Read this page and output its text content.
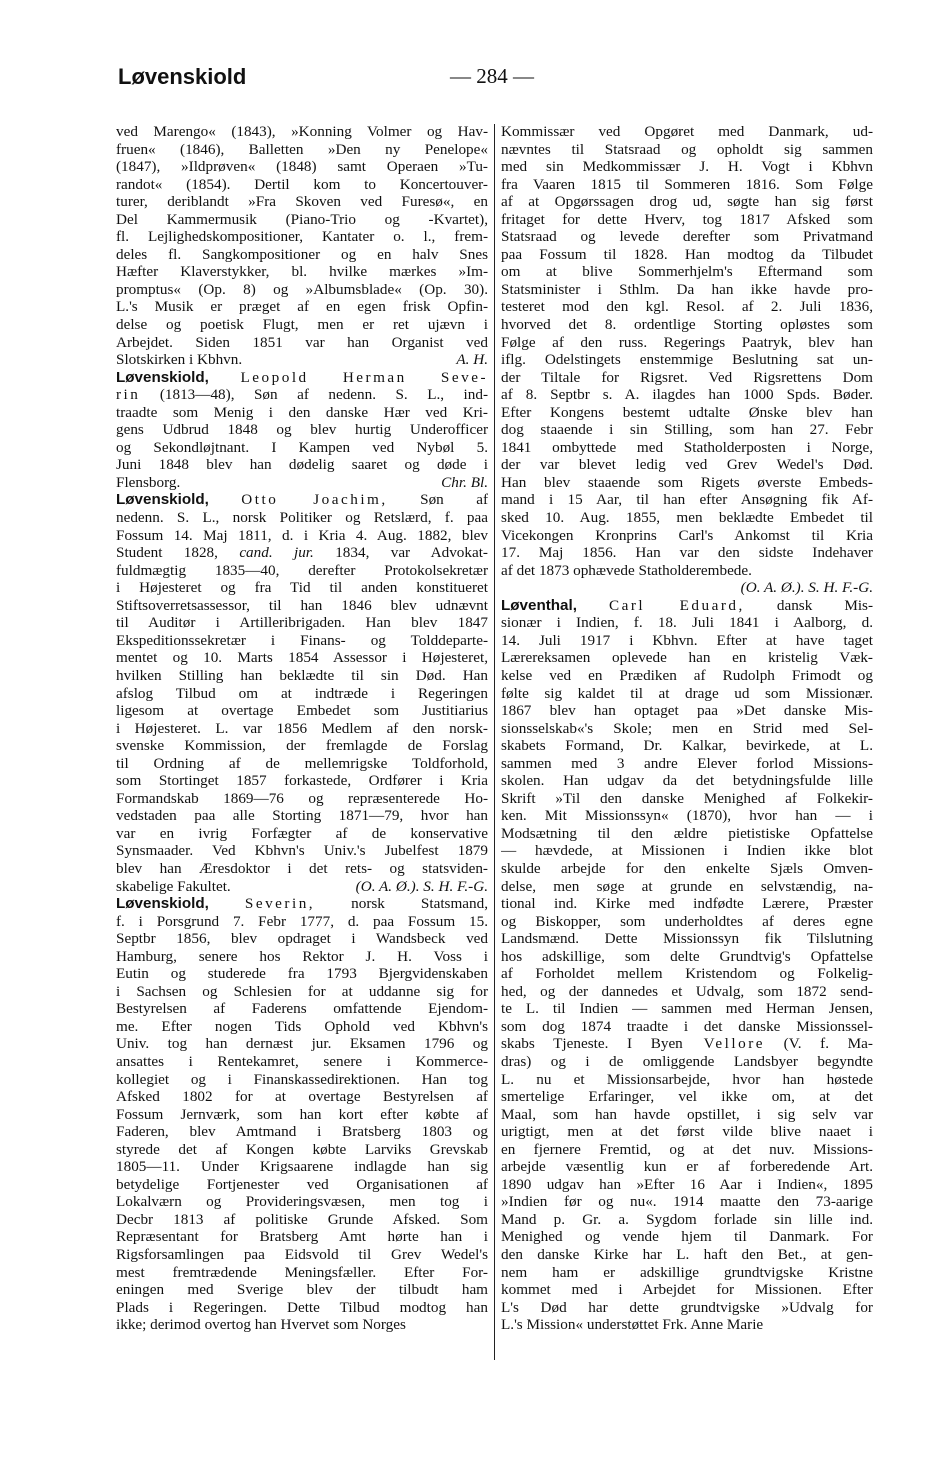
Løvenskiold	— 284 —
ved Marengo« (1843), »Konning Volmer og Hav-
fruen« (1846), Balletten »Den ny Penelope«
(1847), »Ildprøven« (1848) samt Operaen »Tu-
randot« (1854). Dertil kom to Koncertouver-
turer, deriblandt »Fra Skoven ved Furesø«, en
Del Kammermusik (Piano-Trio og -Kvartet),
fl. Lejlighedskompositioner, Kantater o. l., frem-
deles fl. Sangkompositioner og en halv Snes
Hæfter Klaverstykker, bl. hvilke mærkes »Im-
promptus« (Op. 8) og »Albumsblade« (Op. 30).
L.'s Musik er præget af en egen frisk Opfin-
delse og poetisk Flugt, men er ret ujævn i
Arbejdet. Siden 1851 var han Organist ved
Slotskirken i Kbhvn.	A. H.
Løvenskiold, Leopold Herman Seve-
rin (1813—48), Søn af nedenn. S. L., ind-
traadte som Menig i den danske Hær ved Kri-
gens Udbrud 1848 og blev hurtig Underofficer
og Sekondløjtnant. I Kampen ved Nybøl 5.
Juni 1848 blev han dødelig saaret og døde i
Flensborg.	Chr. Bl.
Løvenskiold, Otto Joachim, Søn af
nedenn. S. L., norsk Politiker og Retslærd, f. paa
Fossum 14. Maj 1811, d. i Kria 4. Aug. 1882, blev
Student 1828, cand. jur. 1834, var Advokat-
fuldmægtig 1835—40, derefter Protokolsekretær
i Højesteret og fra Tid til anden konstitueret
Stiftsoverretsassessor, til han 1846 blev udnævnt
til Auditør i Artilleribrigaden. Han blev 1847
Ekspeditionssekretær i Finans- og Tolddeparte-
mentet og 10. Marts 1854 Assessor i Højesteret,
hvilken Stilling han beklædte til sin Død. Han
afslog Tilbud om at indtræde i Regeringen
ligesom at overtage Embedet som Justitiarius
i Højesteret. L. var 1856 Medlem af den norsk-
svenske Kommission, der fremlagde de Forslag
til Ordning af de mellemrigske Toldforhold,
som Stortinget 1857 forkastede, Ordfører i Kria
Formandskab 1869—76 og repræsenterede Ho-
vedstaden paa alle Storting 1871—79, hvor han
var en ivrig Forfægter af de konservative
Synsmaader. Ved Kbhvn's Univ.'s Jubelfest 1879
blev han Æresdoktor i det rets- og statsviden-
skabelige Fakultet.	(O. A. Ø.). S. H. F.-G.
Løvenskiold, Severin, norsk Statsmand,
f. i Porsgrund 7. Febr 1777, d. paa Fossum 15.
Septbr 1856, blev opdraget i Wandsbeck ved
Hamburg, senere hos Rektor J. H. Voss i
Eutin og studerede fra 1793 Bjergvidenskaben
i Sachsen og Schlesien for at uddanne sig for
Bestyrelsen af Faderens omfattende Ejendom-
me. Efter nogen Tids Ophold ved Kbhvn's
Univ. tog han dernæst jur. Eksamen 1796 og
ansattes i Rentekamret, senere i Kommerce-
kollegiet og i Finanskassedirektionen. Han tog
Afsked 1802 for at overtage Bestyrelsen af
Fossum Jernværk, som han kort efter købte af
Faderen, blev Amtmand i Bratsberg 1803 og
styrede det af Kongen købte Larviks Grevskab
1805—11. Under Krigsaarene indlagde han sig
betydelige Fortjenester ved Organisationen af
Lokalværn og Provideringsvæsen, men tog i
Decbr 1813 af politiske Grunde Afsked. Som
Repræsentant for Bratsberg Amt hørte han i
Rigsforsamlingen paa Eidsvold til Grev Wedel's
mest fremtrædende Meningsfæller. Efter For-
eningen med Sverige blev der tilbudt ham
Plads i Regeringen. Dette Tilbud modtog han
ikke; derimod overtog han Hvervet som Norges
Kommissær ved Opgøret med Danmark, ud-
nævntes til Statsraad og opholdt sig sammen
med sin Medkommissær J. H. Vogt i Kbhvn
fra Vaaren 1815 til Sommeren 1816. Som Følge
af at Opgørssagen drog ud, søgte han sig først
fritaget for dette Hverv, tog 1817 Afsked som
Statsraad og levede derefter som Privatmand
paa Fossum til 1828. Han modtog da Tilbudet
om at blive Sommerhjelm's Eftermand som
Statsminister i Sthlm. Da han ikke havde pro-
testeret mod den kgl. Resol. af 2. Juli 1836,
hvorved det 8. ordentlige Storting opløstes som
Følge af den russ. Regerings Paatryk, blev han
iflg. Odelstingets enstemmige Beslutning sat un-
der Tiltale for Rigsret. Ved Rigsrettens Dom
af 8. Septbr s. A. ilagdes han 1000 Spds. Bøder.
Efter Kongens bestemt udtalte Ønske blev han
dog staaende i sin Stilling, som han 27. Febr
1841 ombyttede med Statholderposten i Norge,
der var blevet ledig ved Grev Wedel's Død.
Han blev staaende som Rigets øverste Embeds-
mand i 15 Aar, til han efter Ansøgning fik Af-
sked 10. Aug. 1855, men beklædte Embedet til
Vicekongen Kronprins Carl's Ankomst til Kria
17. Maj 1856. Han var den sidste Indehaver
af det 1873 ophævede Statholderembede.
(O. A. Ø.). S. H. F.-G.
Løventhal, Carl Eduard, dansk Mis-
sionær i Indien, f. 18. Juli 1841 i Aalborg, d.
14. Juli 1917 i Kbhvn. Efter at have taget
Lærereksamen oplevede han en kristelig Væk-
kelse ved en Prædiken af Rudolph Frimodt og
følte sig kaldet til at drage ud som Missionær.
1867 blev han optaget paa »Det danske Mis-
sionsselskab«'s Skole; men en Strid med Sel-
skabets Formand, Dr. Kalkar, bevirkede, at L.
sammen med 3 andre Elever forlod Missions-
skolen. Han udgav da det betydningsfulde lille
Skrift »Til den danske Menighed af Folkekir-
ken. Mit Missionssyn« (1870), hvor han — i
Modsætning til den ældre pietistiske Opfattelse
— hævdede, at Missionen i Indien ikke blot
skulde arbejde for den enkelte Sjæls Omven-
delse, men søge at grunde en selvstændig, na-
tional ind. Kirke med indfødte Lærere, Præster
og Biskopper, som underholdtes af deres egne
Landsmænd. Dette Missionssyn fik Tilslutning
hos adskillige, som delte Grundtvig's Opfattelse
af Forholdet mellem Kristendom og Folkelig-
hed, og der dannedes et Udvalg, som 1872 send-
te L. til Indien — sammen med Herman Jensen,
som dog 1874 traadte i det danske Missionssel-
skabs Tjeneste. I Byen Vellore (V. f. Ma-
dras) og i de omliggende Landsbyer begyndte
L. nu et Missionsarbejde, hvor han høstede
smertelige Erfaringer, vel ikke om, at det
Maal, som han havde opstillet, i sig selv var
urigtigt, men at det først vilde blive naaet i
en fjernere Fremtid, og at det nuv. Missions-
arbejde væsentlig kun er af forberedende Art.
1890 udgav han »Efter 16 Aar i Indien«, 1895
»Indien før og nu«. 1914 maatte den 73-aarige
Mand p. Gr. a. Sygdom forlade sin lille ind.
Menighed og vende hjem til Danmark. For
den danske Kirke har L. haft den Bet., at gen-
nem ham er adskillige grundtvigske Kristne
kommet med i Arbejdet for Missionen. Efter
L's Død har dette grundtvigske »Udvalg for
L.'s Mission« understøttet Frk. Anne Marie
